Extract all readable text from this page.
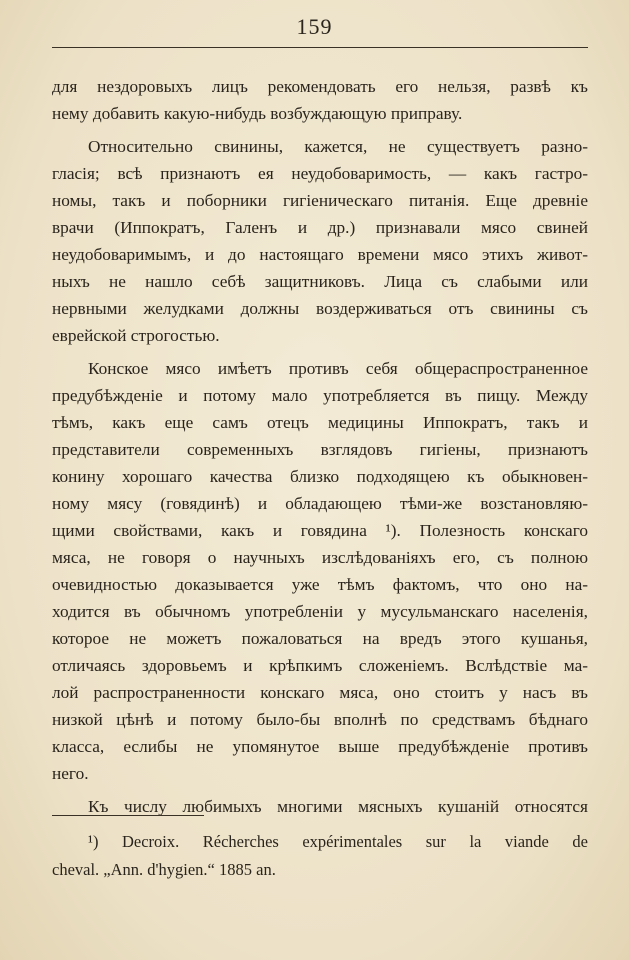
159
для нездоровыхъ лицъ рекомендовать его нельзя, развѣ къ
нему добавить какую-нибудь возбуждающую приправу.
Относительно свинины, кажется, не существуетъ разно-
гласія; всѣ признаютъ ея неудобоваримость, — какъ гастро-
номы, такъ и поборники гигіеническаго питанія. Еще древніе
врачи (Иппократъ, Галенъ и др.) признавали мясо свиней
неудобоваримымъ, и до настоящаго времени мясо этихъ живот-
ныхъ не нашло себѣ защитниковъ. Лица съ слабыми или
нервными желудками должны воздерживаться отъ свинины съ
еврейской строгостью.
Конское мясо имѣетъ противъ себя общераспространенное
предубѣжденіе и потому мало употребляется въ пищу. Между
тѣмъ, какъ еще самъ отецъ медицины Иппократъ, такъ и
представители современныхъ взглядовъ гигіены, признаютъ
конину хорошаго качества близко подходящею къ обыкновен-
ному мясу (говядинѣ) и обладающею тѣми-же возстановляю-
щими свойствами, какъ и говядина ¹). Полезность конскаго
мяса, не говоря о научныхъ изслѣдованіяхъ его, съ полною
очевидностью доказывается уже тѣмъ фактомъ, что оно на-
ходится въ обычномъ употребленіи у мусульманскаго населенія,
которое не можетъ пожаловаться на вредъ этого кушанья,
отличаясь здоровьемъ и крѣпкимъ сложеніемъ. Вслѣдствіе ма-
лой распространенности конскаго мяса, оно стоитъ у насъ въ
низкой цѣнѣ и потому было-бы вполнѣ по средствамъ бѣднаго
класса, еслибы не упомянутое выше предубѣжденіе противъ
него.
Къ числу любимыхъ многими мясныхъ кушаній относятся
¹) Decroix. Récherches expérimentales sur la viande de
cheval. „Ann. d'hygien.“ 1885 an.
